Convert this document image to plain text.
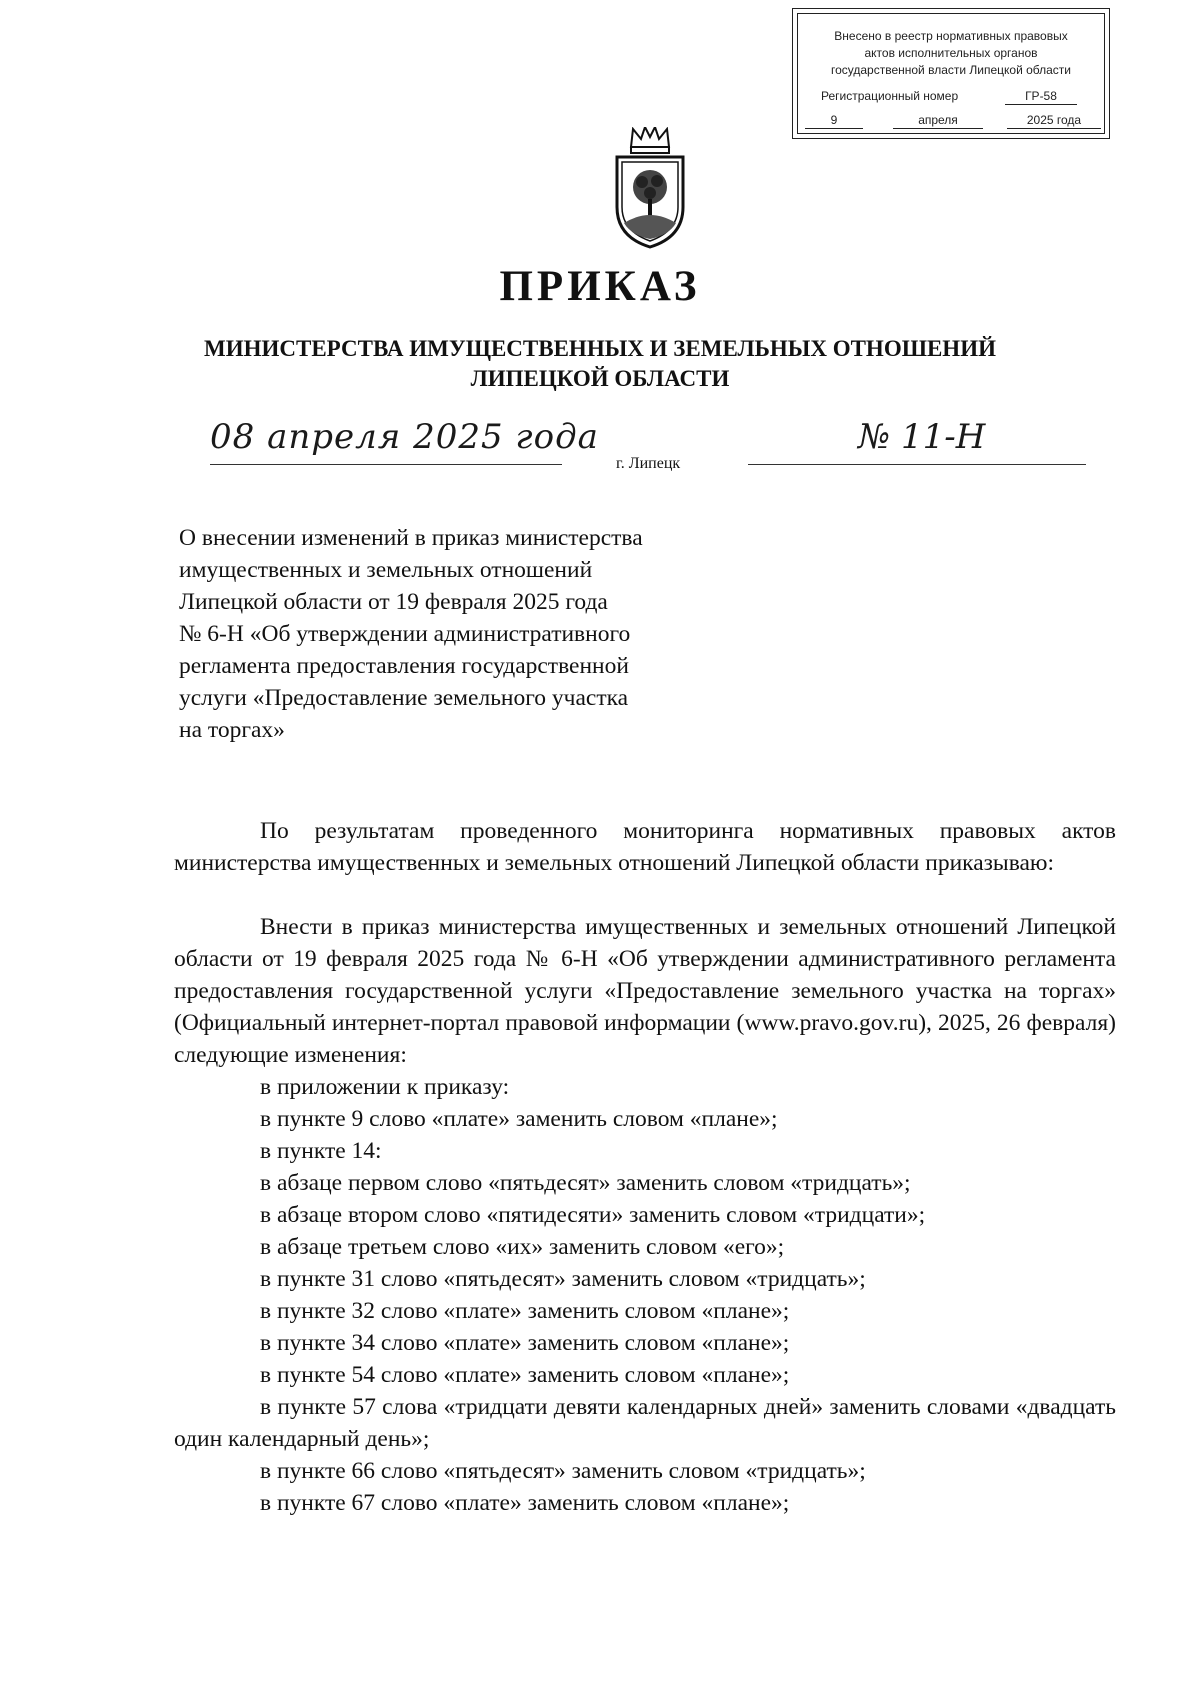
Внесено в реестр нормативных правовых
актов исполнительных органов
государственной власти Липецкой области
Регистрационный номер	ГР-58
9	апреля	2025 года
ПРИКАЗ
МИНИСТЕРСТВА ИМУЩЕСТВЕННЫХ И ЗЕМЕЛЬНЫХ ОТНОШЕНИЙ
ЛИПЕЦКОЙ ОБЛАСТИ
08 апреля 2025 года
г. Липецк
№ 11-Н
О внесении изменений в приказ министерства
имущественных и земельных отношений
Липецкой области от 19 февраля 2025 года
№ 6-Н «Об утверждении административного
регламента предоставления государственной
услуги «Предоставление земельного участка
на торгах»

По результатам проведенного мониторинга нормативных правовых актов министерства имущественных и земельных отношений Липецкой области приказываю:

Внести в приказ министерства имущественных и земельных отношений Липецкой области от 19 февраля 2025 года № 6-Н «Об утверждении административного регламента предоставления государственной услуги «Предоставление земельного участка на торгах» (Официальный интернет-портал правовой информации (www.pravo.gov.ru), 2025, 26 февраля) следующие изменения:

в приложении к приказу:

в пункте 9 слово «плате» заменить словом «плане»;

в пункте 14:

в абзаце первом слово «пятьдесят» заменить словом «тридцать»;

в абзаце втором слово «пятидесяти» заменить словом «тридцати»;

в абзаце третьем слово «их» заменить словом «его»;

в пункте 31 слово «пятьдесят» заменить словом «тридцать»;

в пункте 32 слово «плате» заменить словом «плане»;

в пункте 34 слово «плате» заменить словом «плане»;

в пункте 54 слово «плате» заменить словом «плане»;

в пункте 57 слова «тридцати девяти календарных дней» заменить словами «двадцать один календарный день»;

в пункте 66 слово «пятьдесят» заменить словом «тридцать»;

в пункте 67 слово «плате» заменить словом «плане»;
